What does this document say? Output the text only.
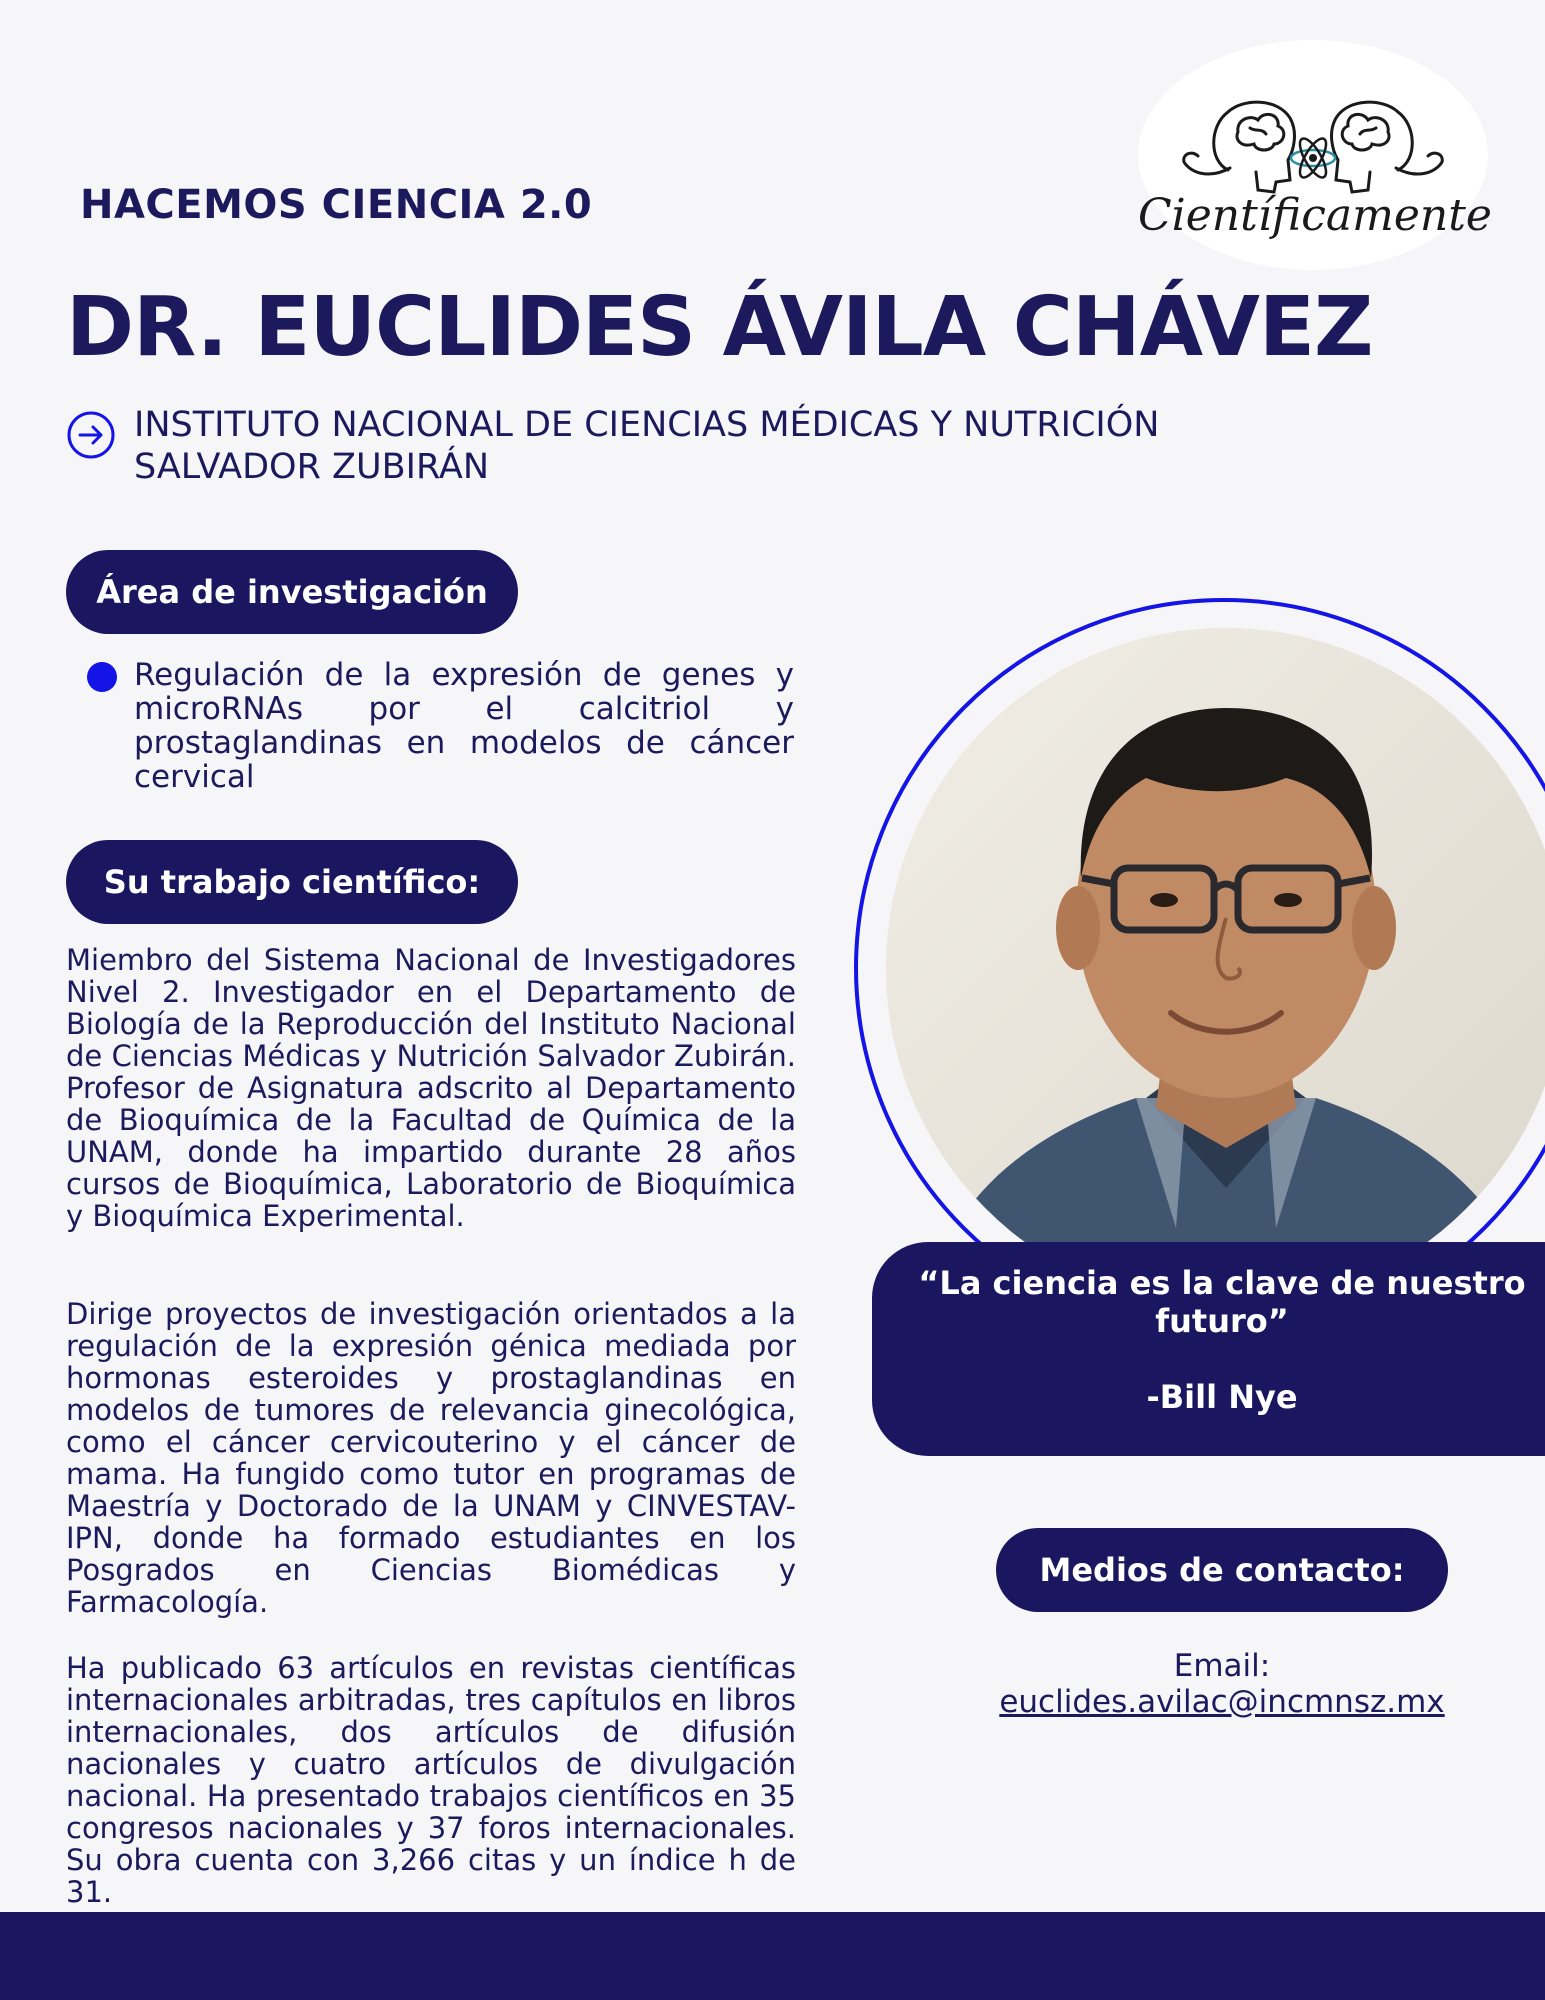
Científicamente
HACEMOS CIENCIA 2.0
DR. EUCLIDES ÁVILA CHÁVEZ
INSTITUTO NACIONAL DE CIENCIAS MÉDICAS Y NUTRICIÓN SALVADOR ZUBIRÁN
Área de investigación
Regulación de la expresión de genes y microRNAs por el calcitriol y prostaglandinas en modelos de cáncer cervical
Su trabajo científico:
Miembro del Sistema Nacional de Investigadores Nivel 2. Investigador en el Departamento de Biología de la Reproducción del Instituto Nacional de Ciencias Médicas y Nutrición Salvador Zubirán. Profesor de Asignatura adscrito al Departamento de Bioquímica de la Facultad de Química de la UNAM, donde ha impartido durante 28 años cursos de Bioquímica, Laboratorio de Bioquímica y Bioquímica Experimental.
Dirige proyectos de investigación orientados a la regulación de la expresión génica mediada por hormonas esteroides y prostaglandinas en modelos de tumores de relevancia ginecológica, como el cáncer cervicouterino y el cáncer de mama. Ha fungido como tutor en programas de Maestría y Doctorado de la UNAM y CINVESTAV-IPN, donde ha formado estudiantes en los Posgrados en Ciencias Biomédicas y Farmacología.
Ha publicado 63 artículos en revistas científicas internacionales arbitradas, tres capítulos en libros internacionales, dos artículos de difusión nacionales y cuatro artículos de divulgación nacional. Ha presentado trabajos científicos en 35 congresos nacionales y 37 foros internacionales. Su obra cuenta con 3,266 citas y un índice h de 31.
“La ciencia es la clave de nuestro futuro”
-Bill Nye
Medios de contacto:
Email:
euclides.avilac@incmnsz.mx
